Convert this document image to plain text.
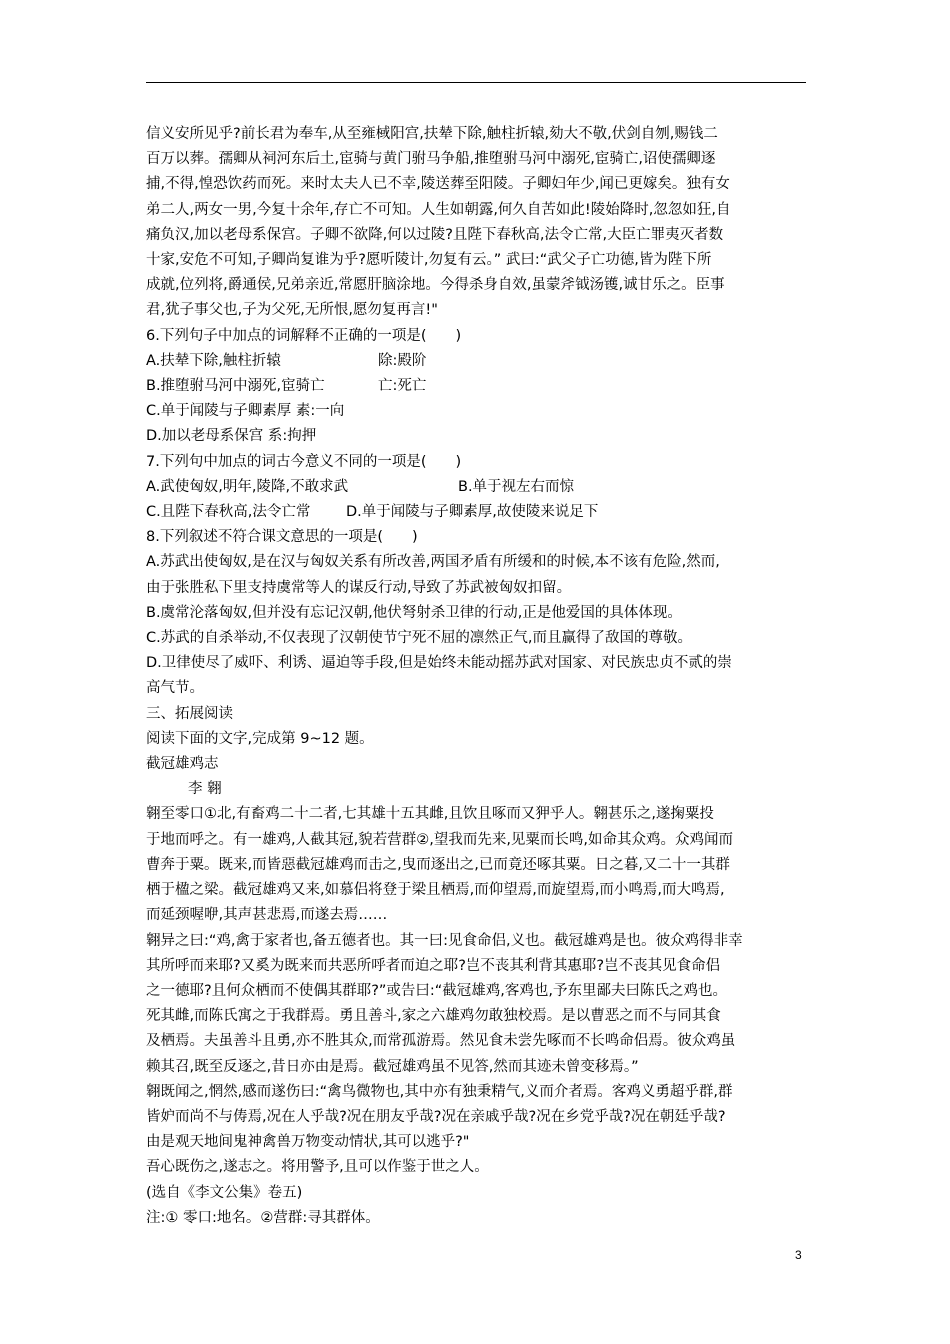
信义安所见乎?前长君为奉车,从至雍棫阳宫,扶辇下除,触柱折辕,劾大不敬,伏剑自刎,赐钱二

百万以葬。孺卿从祠河东后土,宦骑与黄门驸马争船,推堕驸马河中溺死,宦骑亡,诏使孺卿逐

捕,不得,惶恐饮药而死。来时太夫人已不幸,陵送葬至阳陵。子卿妇年少,闻已更嫁矣。独有女

弟二人,两女一男,今复十余年,存亡不可知。人生如朝露,何久自苦如此!陵始降时,忽忽如狂,自

痛负汉,加以老母系保宫。子卿不欲降,何以过陵?且陛下春秋高,法令亡常,大臣亡罪夷灭者数

十家,安危不可知,子卿尚复谁为乎?愿听陵计,勿复有云。” 武曰:“武父子亡功德,皆为陛下所

成就,位列将,爵通侯,兄弟亲近,常愿肝脑涂地。今得杀身自效,虽蒙斧钺汤镬,诚甘乐之。臣事

君,犹子事父也,子为父死,无所恨,愿勿复再言!"

6.下列句子中加点的词解释不正确的一项是(　　)

A.扶辇下除,触柱折辕	除:殿阶

B.推堕驸马河中溺死,宦骑亡	亡:死亡

C.单于闻陵与子卿素厚 素:一向

D.加以老母系保宫 系:拘押

7.下列句中加点的词古今意义不同的一项是(　　)

A.武使匈奴,明年,陵降,不敢求武	B.单于视左右而惊

C.且陛下春秋高,法令亡常	D.单于闻陵与子卿素厚,故使陵来说足下

8.下列叙述不符合课文意思的一项是(　　)

A.苏武出使匈奴,是在汉与匈奴关系有所改善,两国矛盾有所缓和的时候,本不该有危险,然而,

由于张胜私下里支持虞常等人的谋反行动,导致了苏武被匈奴扣留。

B.虞常沦落匈奴,但并没有忘记汉朝,他伏弩射杀卫律的行动,正是他爱国的具体体现。

C.苏武的自杀举动,不仅表现了汉朝使节宁死不屈的凛然正气,而且赢得了敌国的尊敬。

D.卫律使尽了威吓、利诱、逼迫等手段,但是始终未能动摇苏武对国家、对民族忠贞不贰的崇

高气节。

三、拓展阅读

阅读下面的文字,完成第 9~12 题。

截冠雄鸡志

李 翱

翱至零口①北,有畜鸡二十二者,七其雄十五其雌,且饮且啄而又狎乎人。翱甚乐之,遂掬粟投

于地而呼之。有一雄鸡,人截其冠,貌若营群②,望我而先来,见粟而长鸣,如命其众鸡。众鸡闻而

曹奔于粟。既来,而皆惡截冠雄鸡而击之,曳而逐出之,已而竟还啄其粟。日之暮,又二十一其群

栖于楹之梁。截冠雄鸡又来,如慕侣将登于梁且栖焉,而仰望焉,而旋望焉,而小鸣焉,而大鸣焉,

而延颈喔咿,其声甚悲焉,而遂去焉……

翱异之曰:“鸡,禽于家者也,备五德者也。其一曰:见食命侣,义也。截冠雄鸡是也。彼众鸡得非幸

其所呼而来耶?又奚为既来而共恶所呼者而迫之耶?岂不丧其利背其惠耶?岂不丧其见食命侣

之一德耶?且何众栖而不使偶其群耶?”或告曰:“截冠雄鸡,客鸡也,予东里鄙夫曰陈氏之鸡也。

死其雌,而陈氏寓之于我群焉。勇且善斗,家之六雄鸡勿敢独校焉。是以曹恶之而不与同其食

及栖焉。夫虽善斗且勇,亦不胜其众,而常孤游焉。然见食未尝先啄而不长鸣命侣焉。彼众鸡虽

赖其召,既至反逐之,昔日亦由是焉。截冠雄鸡虽不见答,然而其迹未曾变移焉。”

翱既闻之,惘然,感而遂伤曰:“禽鸟微物也,其中亦有独秉精气,义而介者焉。客鸡义勇超乎群,群

皆妒而尚不与俦焉,况在人乎哉?况在朋友乎哉?况在亲戚乎哉?况在乡党乎哉?况在朝廷乎哉?

由是观天地间鬼神禽兽万物变动情状,其可以逃乎?"

吾心既伤之,遂志之。将用警予,且可以作鉴于世之人。

(选自《李文公集》卷五)

注:① 零口:地名。②营群:寻其群体。

3
